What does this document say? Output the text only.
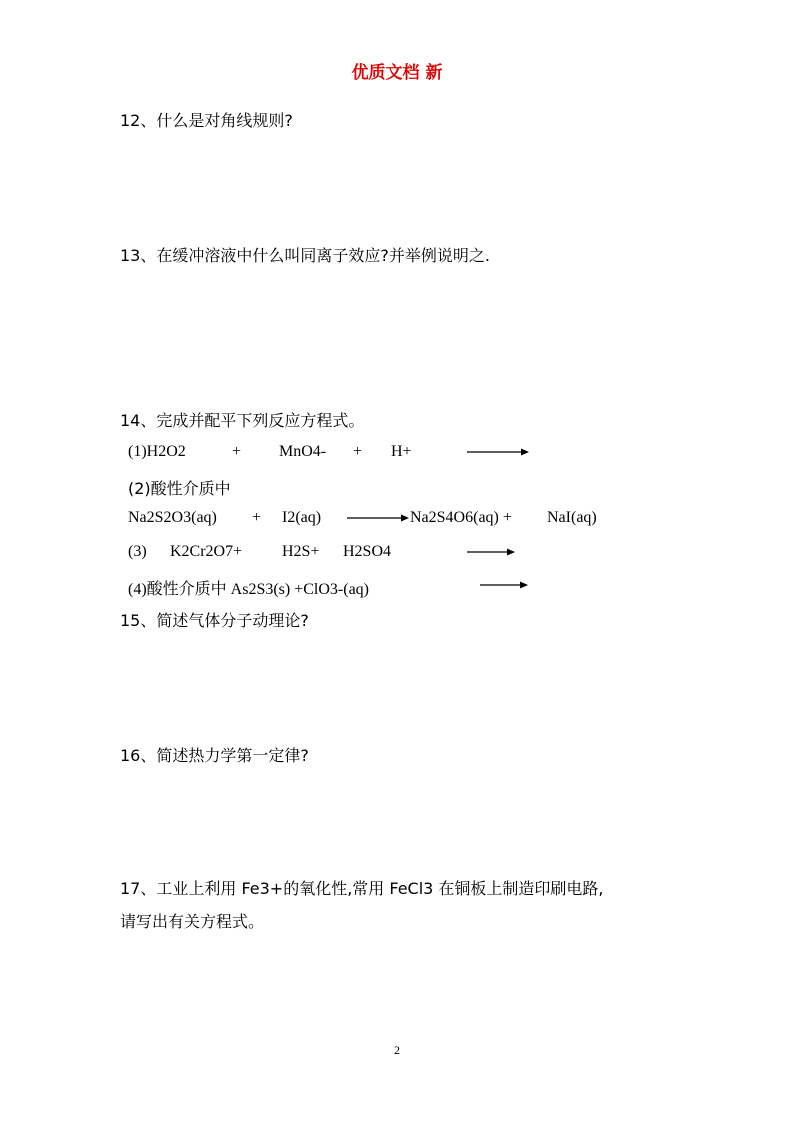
优质文档 新
12、什么是对角线规则?
13、在缓冲溶液中什么叫同离子效应?并举例说明之.
14、完成并配平下列反应方程式。
(1)H2O2	+ MnO4- + H+
(2)酸性介质中
Na2S2O3(aq) + I2(aq)	Na2S4O6(aq) + NaI(aq)
(3) K2Cr2O7+ H2S+ H2SO4
(4)酸性介质中 As2S3(s) +ClO3-(aq)
15、简述气体分子动理论?
16、简述热力学第一定律?
17、工业上利用 Fe3+的氧化性,常用 FeCl3 在铜板上制造印刷电路,
请写出有关方程式。
2
